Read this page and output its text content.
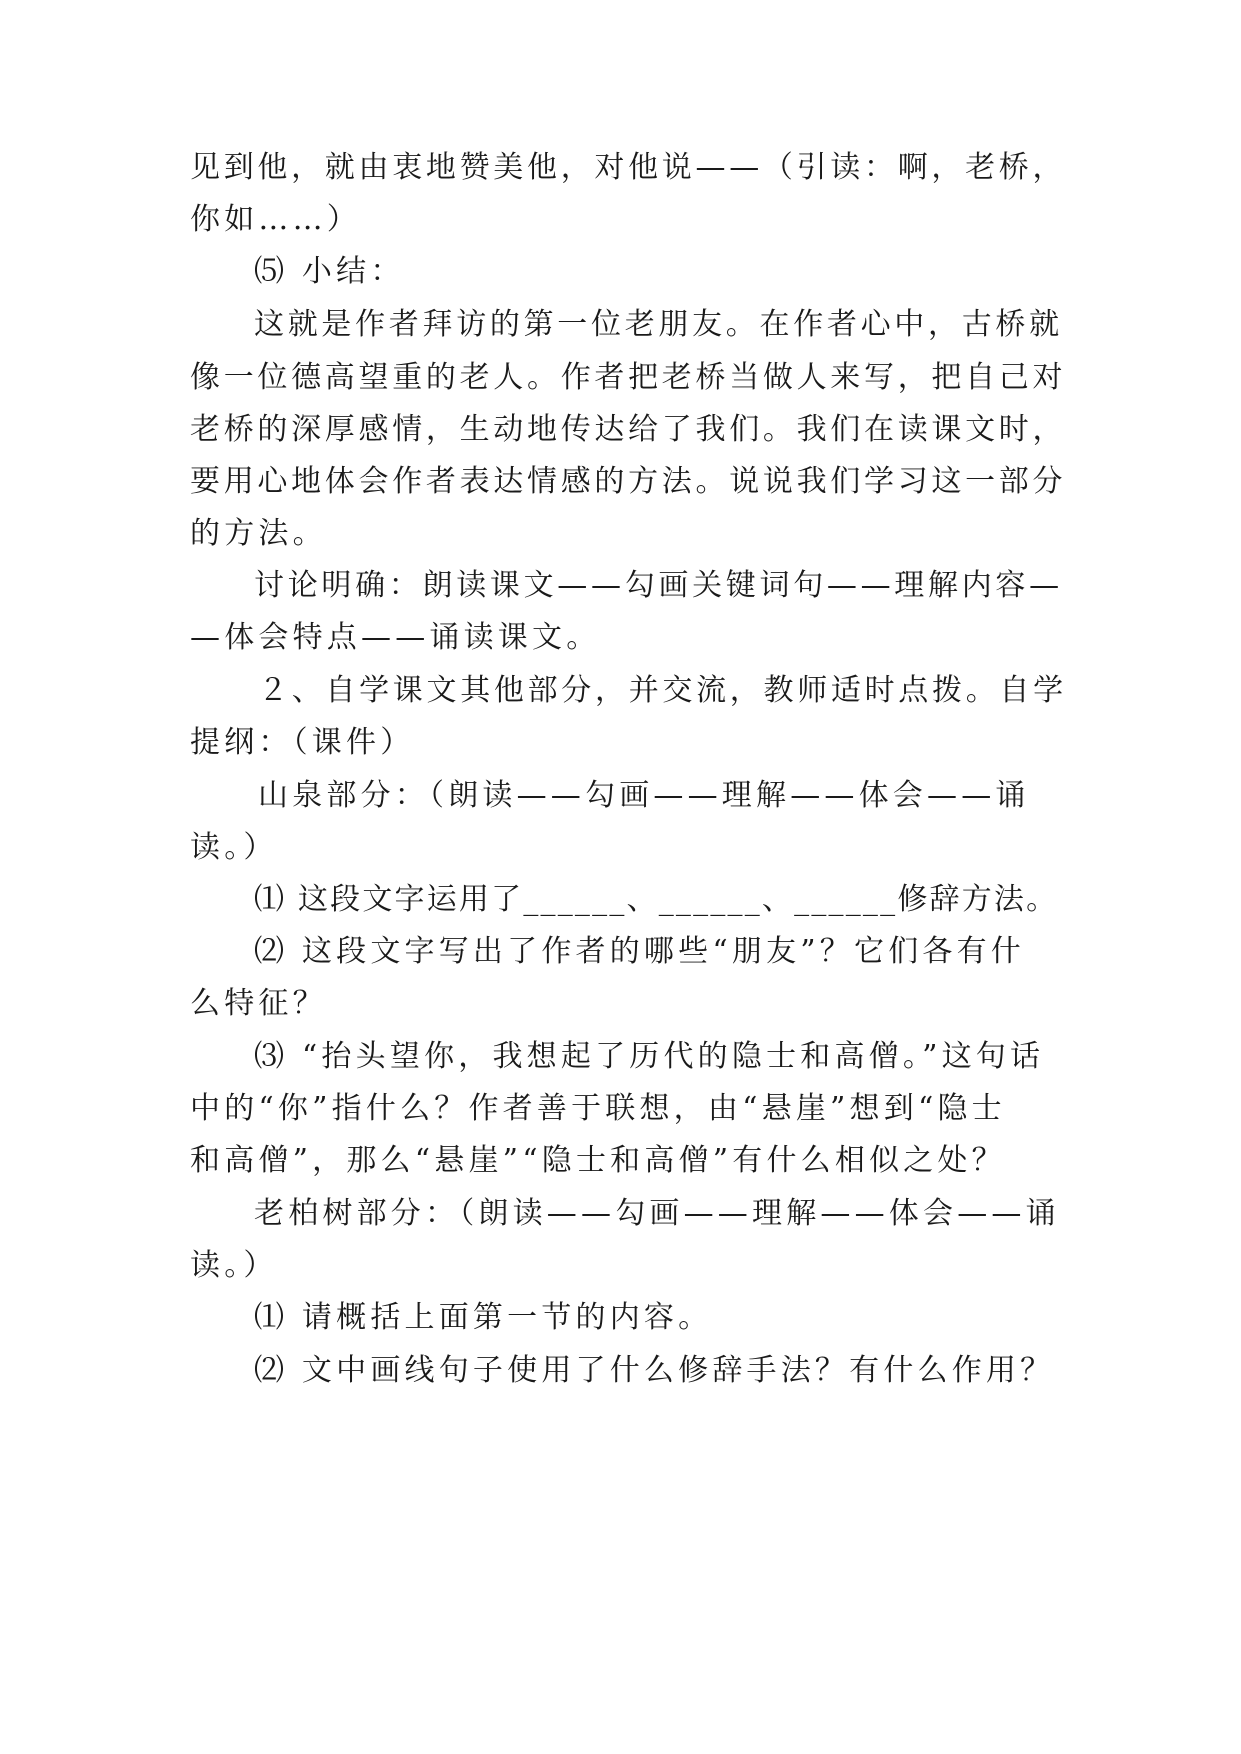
见到他，就由衷地赞美他，对他说——（引读：啊，老桥，
你如……）
⑸ 小结：
这就是作者拜访的第一位老朋友。在作者心中，古桥就
像一位德高望重的老人。作者把老桥当做人来写，把自己对
老桥的深厚感情，生动地传达给了我们。我们在读课文时，
要用心地体会作者表达情感的方法。说说我们学习这一部分
的方法。
讨论明确：朗读课文——勾画关键词句——理解内容—
—体会特点——诵读课文。
２、自学课文其他部分，并交流，教师适时点拨。自学
提纲：（课件）
山泉部分：（朗读——勾画——理解——体会——诵
读。）
⑴ 这段文字运用了______、______、______修辞方法。
⑵ 这段文字写出了作者的哪些“朋友”？它们各有什
么特征？
⑶ “抬头望你，我想起了历代的隐士和高僧。”这句话
中的“你”指什么？作者善于联想，由“悬崖”想到“隐士
和高僧”，那么“悬崖”“隐士和高僧”有什么相似之处？
老柏树部分：（朗读——勾画——理解——体会——诵
读。）
⑴ 请概括上面第一节的内容。
⑵ 文中画线句子使用了什么修辞手法？有什么作用？
